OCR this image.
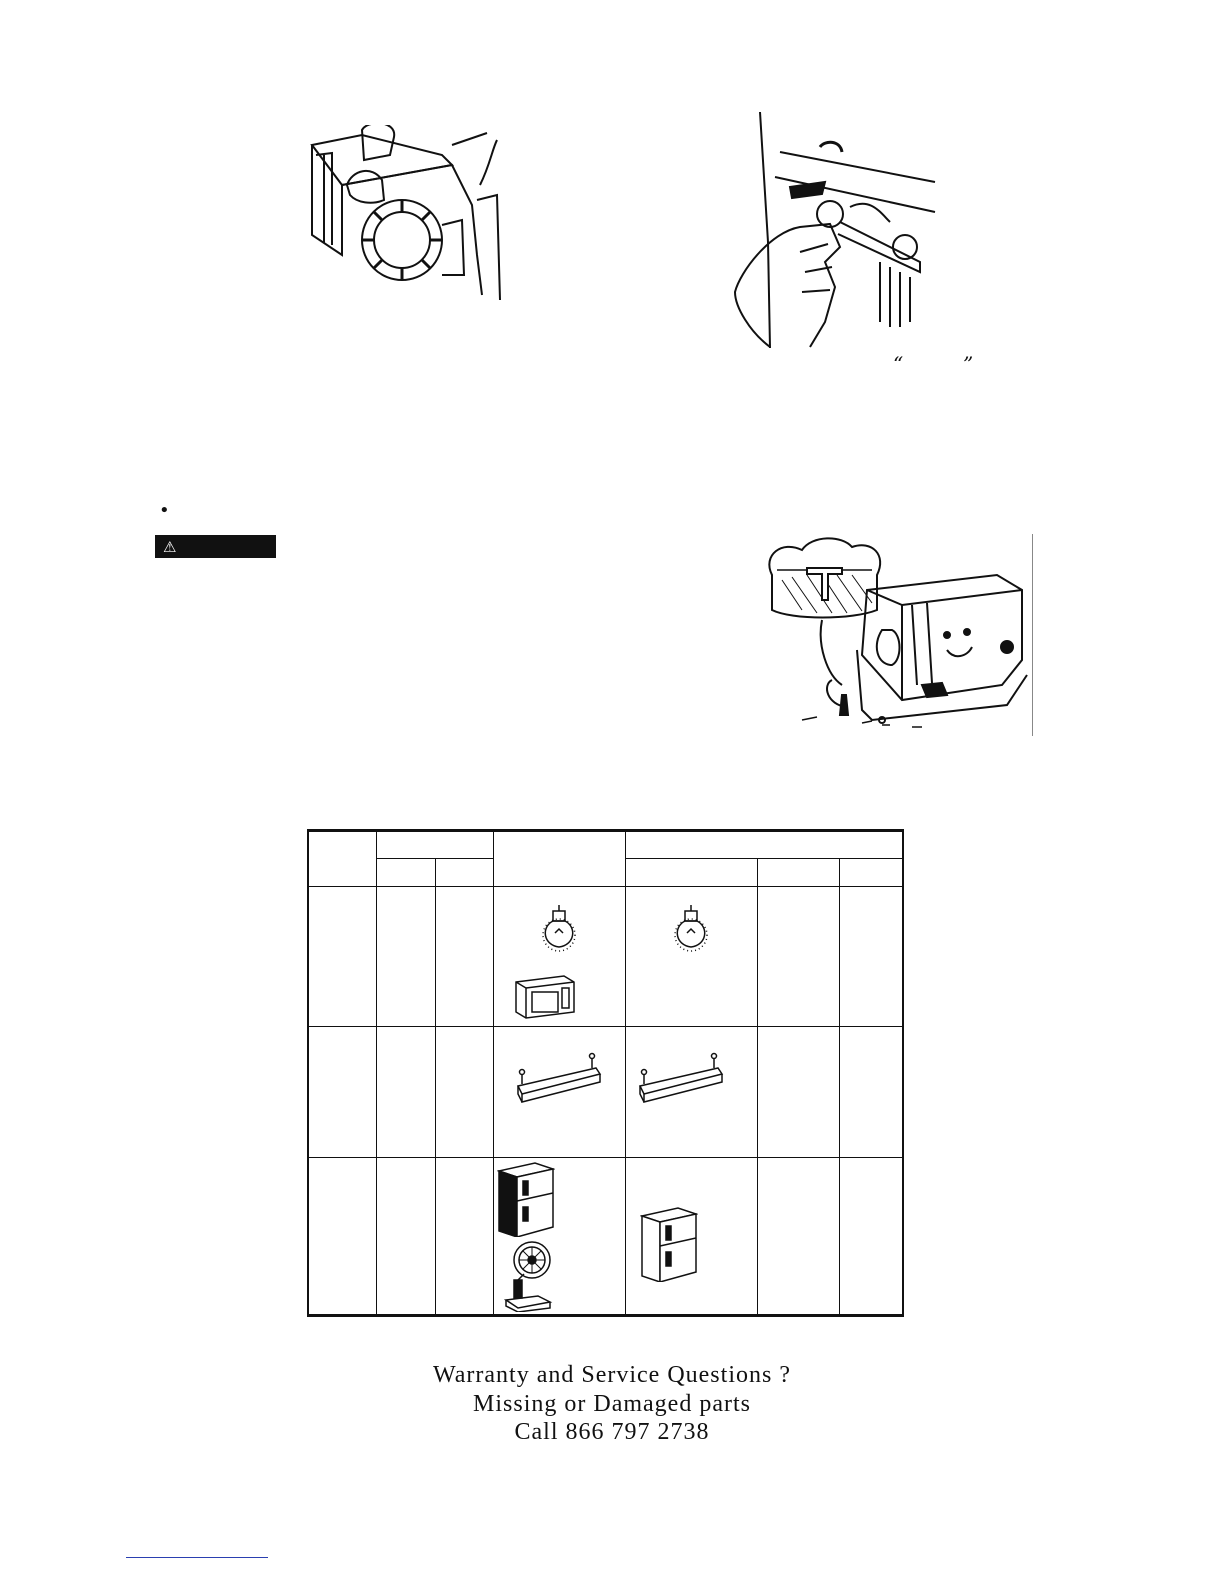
“	”
•
⚠

Warranty and Service Questions ?
Missing or Damaged parts
Call 866 797 2738
